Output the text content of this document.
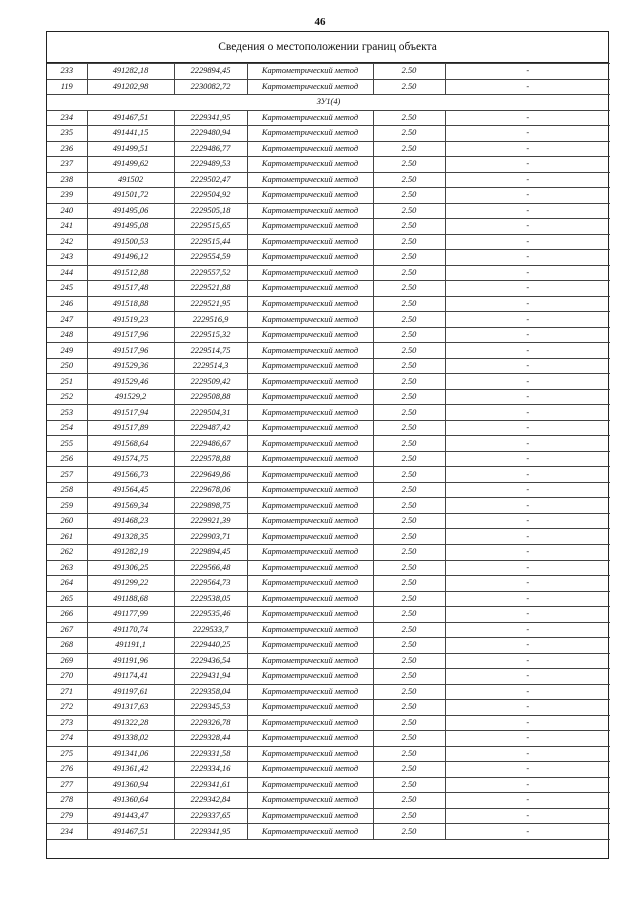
46
Сведения о местоположении границ объекта
233	491282,18	2229894,45	Картометрический метод	2.50	-
119	491202,98	2230082,72	Картометрический метод	2.50	-
ЗУ1(4)					
234	491467,51	2229341,95	Картометрический метод	2.50	-
235	491441,15	2229480,94	Картометрический метод	2.50	-
236	491499,51	2229486,77	Картометрический метод	2.50	-
237	491499,62	2229489,53	Картометрический метод	2.50	-
238	491502	2229502,47	Картометрический метод	2.50	-
239	491501,72	2229504,92	Картометрический метод	2.50	-
240	491495,06	2229505,18	Картометрический метод	2.50	-
241	491495,08	2229515,65	Картометрический метод	2.50	-
242	491500,53	2229515,44	Картометрический метод	2.50	-
243	491496,12	2229554,59	Картометрический метод	2.50	-
244	491512,88	2229557,52	Картометрический метод	2.50	-
245	491517,48	2229521,88	Картометрический метод	2.50	-
246	491518,88	2229521,95	Картометрический метод	2.50	-
247	491519,23	2229516,9	Картометрический метод	2.50	-
248	491517,96	2229515,32	Картометрический метод	2.50	-
249	491517,96	2229514,75	Картометрический метод	2.50	-
250	491529,36	2229514,3	Картометрический метод	2.50	-
251	491529,46	2229509,42	Картометрический метод	2.50	-
252	491529,2	2229508,88	Картометрический метод	2.50	-
253	491517,94	2229504,31	Картометрический метод	2.50	-
254	491517,89	2229487,42	Картометрический метод	2.50	-
255	491568,64	2229486,67	Картометрический метод	2.50	-
256	491574,75	2229578,88	Картометрический метод	2.50	-
257	491566,73	2229649,86	Картометрический метод	2.50	-
258	491564,45	2229678,06	Картометрический метод	2.50	-
259	491569,34	2229898,75	Картометрический метод	2.50	-
260	491468,23	2229921,39	Картометрический метод	2.50	-
261	491328,35	2229903,71	Картометрический метод	2.50	-
262	491282,19	2229894,45	Картометрический метод	2.50	-
263	491306,25	2229566,48	Картометрический метод	2.50	-
264	491299,22	2229564,73	Картометрический метод	2.50	-
265	491188,68	2229538,05	Картометрический метод	2.50	-
266	491177,99	2229535,46	Картометрический метод	2.50	-
267	491170,74	2229533,7	Картометрический метод	2.50	-
268	491191,1	2229440,25	Картометрический метод	2.50	-
269	491191,96	2229436,54	Картометрический метод	2.50	-
270	491174,41	2229431,94	Картометрический метод	2.50	-
271	491197,61	2229358,04	Картометрический метод	2.50	-
272	491317,63	2229345,53	Картометрический метод	2.50	-
273	491322,28	2229326,78	Картометрический метод	2.50	-
274	491338,02	2229328,44	Картометрический метод	2.50	-
275	491341,06	2229331,58	Картометрический метод	2.50	-
276	491361,42	2229334,16	Картометрический метод	2.50	-
277	491360,94	2229341,61	Картометрический метод	2.50	-
278	491360,64	2229342,84	Картометрический метод	2.50	-
279	491443,47	2229337,65	Картометрический метод	2.50	-
234	491467,51	2229341,95	Картометрический метод	2.50	-
